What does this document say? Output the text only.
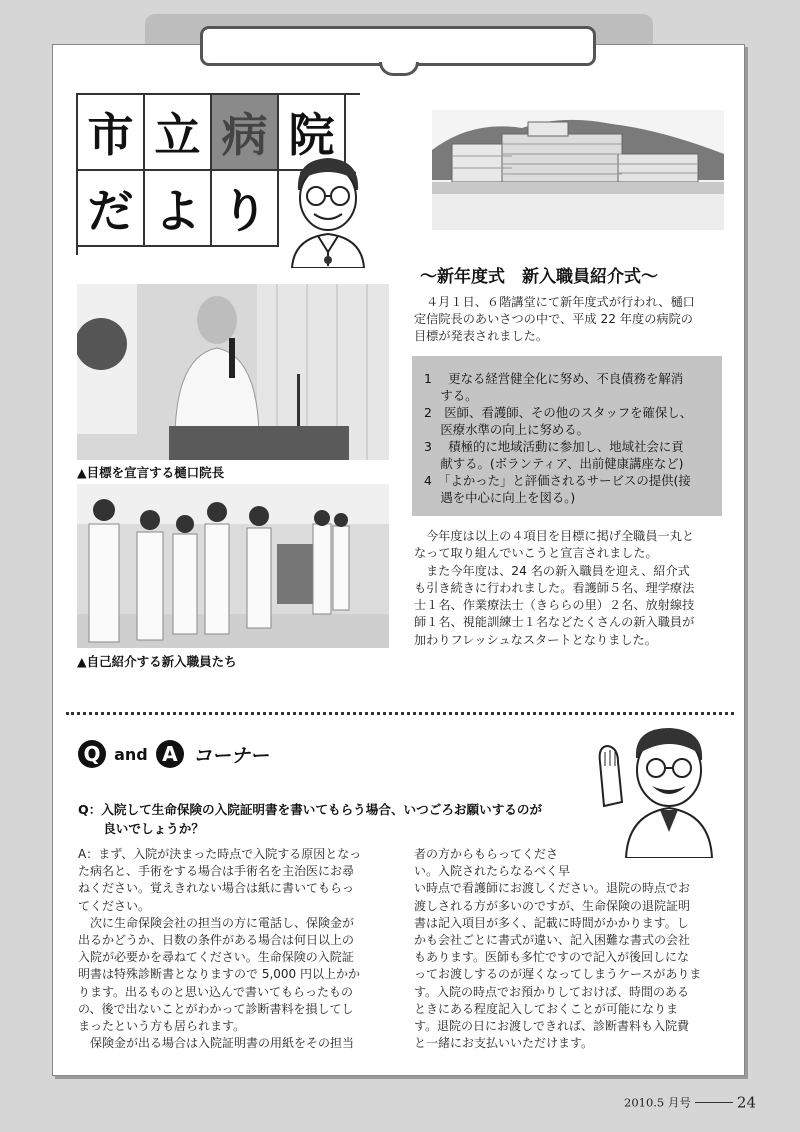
市 立 病 院
だ よ り
～新年度式　新入職員紹介式～

４月１日、６階講堂にて新年度式が行われ、樋口

定信院長のあいさつの中で、平成 22 年度の病院の

目標が発表されました。

1　 更なる経営健全化に努め、不良債務を解消
　 する。
2　医師、看護師、その他のスタッフを確保し、
　 医療水準の向上に努める。
3　 積極的に地域活動に参加し、地域社会に貢
　 献する。(ボランティア、出前健康講座など)
4　「よかった」と評価されるサービスの提供(接
　 遇を中心に向上を図る。)

今年度は以上の４項目を目標に掲げ全職員一丸と

なって取り組んでいこうと宣言されました。

また今年度は、24 名の新入職員を迎え、紹介式

も引き続きに行われました。看護師５名、理学療法

士１名、作業療法士（きららの里）２名、放射線技

師１名、視能訓練士１名などたくさんの新入職員が

加わりフレッシュなスタートとなりました。

▲目標を宣言する樋口院長
▲自己紹介する新入職員たち
Q and A コーナー
Q：入院して生命保険の入院証明書を書いてもらう場合、いつごろお願いするのが
　　良いでしょうか？
A：まず、入院が決まった時点で入院する原因となっ
た病名と、手術をする場合は手術名を主治医にお尋
ねください。覚えきれない場合は紙に書いてもらっ
てください。
　次に生命保険会社の担当の方に電話し、保険金が
出るかどうか、日数の条件がある場合は何日以上の
入院が必要かを尋ねてください。生命保険の入院証
明書は特殊診断書となりますので 5,000 円以上かか
ります。出るものと思い込んで書いてもらったもの
の、後で出ないことがわかって診断書料を損してし
まったという方も居られます。
　保険金が出る場合は入院証明書の用紙をその担当
者の方からもらってくださ
い。入院されたらなるべく早
い時点で看護師にお渡しください。退院の時点でお
渡しされる方が多いのですが、生命保険の退院証明
書は記入項目が多く、記載に時間がかかります。し
かも会社ごとに書式が違い、記入困難な書式の会社
もあります。医師も多忙ですので記入が後回しにな
ってお渡しするのが遅くなってしまうケースがありま
す。入院の時点でお預かりしておけば、時間のある
ときにある程度記入しておくことが可能になりま
す。退院の日にお渡しできれば、診断書料も入院費
と一緒にお支払いいただけます。
2010.5 月号	24
